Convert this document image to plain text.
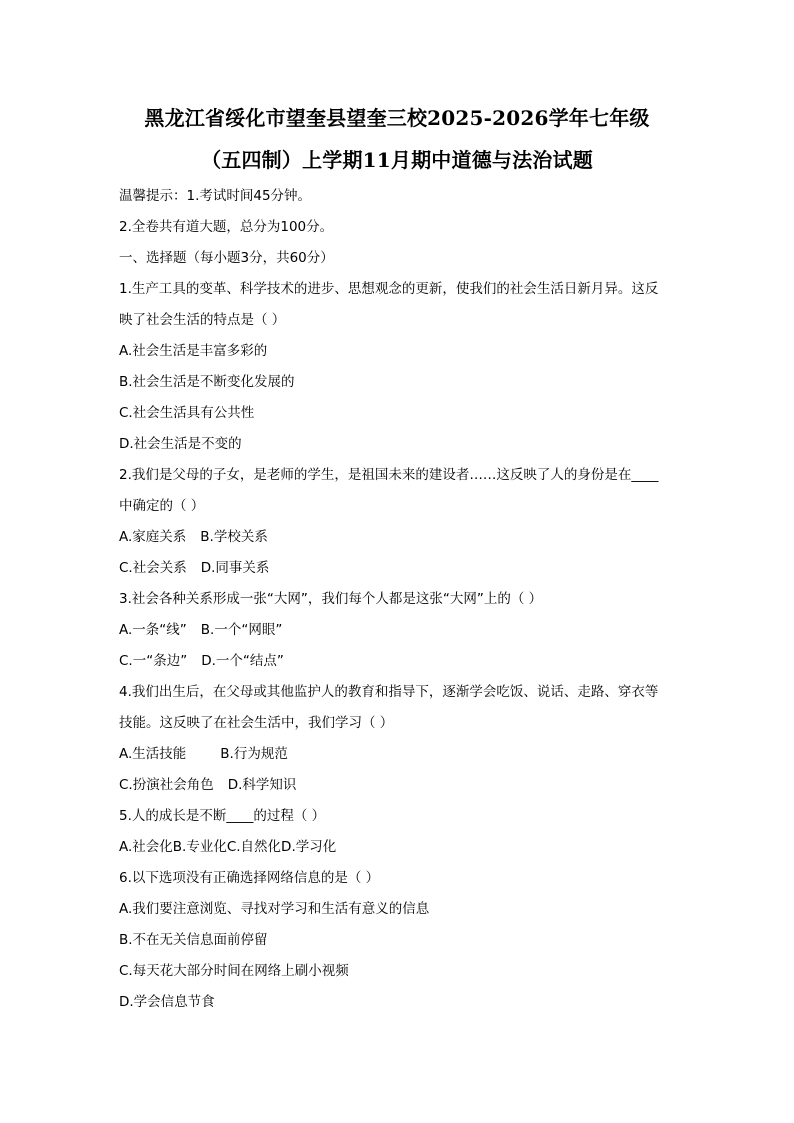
黑龙江省绥化市望奎县望奎三校2025-2026学年七年级
（五四制）上学期11月期中道德与法治试题
温馨提示：1.考试时间45分钟。
2.全卷共有道大题，总分为100分。
一、选择题（每小题3分，共60分）
1.生产工具的变革、科学技术的进步、思想观念的更新，使我们的社会生活日新月异。这反
映了社会生活的特点是（ ）
A.社会生活是丰富多彩的
B.社会生活是不断变化发展的
C.社会生活具有公共性
D.社会生活是不变的
2.我们是父母的子女，是老师的学生，是祖国未来的建设者……这反映了人的身份是在____
中确定的（ ）
A.家庭关系 B.学校关系
C.社会关系 D.同事关系
3.社会各种关系形成一张“大网”，我们每个人都是这张“大网”上的（ ）
A.一条“线” B.一个“网眼”
C.一“条边” D.一个“结点”
4.我们出生后，在父母或其他监护人的教育和指导下，逐渐学会吃饭、说话、走路、穿衣等
技能。这反映了在社会生活中，我们学习（ ）
A.生活技能	B.行为规范
C.扮演社会角色 D.科学知识
5.人的成长是不断____的过程（ ）
A.社会化B.专业化C.自然化D.学习化
6.以下选项没有正确选择网络信息的是（ ）
A.我们要注意浏览、寻找对学习和生活有意义的信息
B.不在无关信息面前停留
C.每天花大部分时间在网络上刷小视频
D.学会信息节食
